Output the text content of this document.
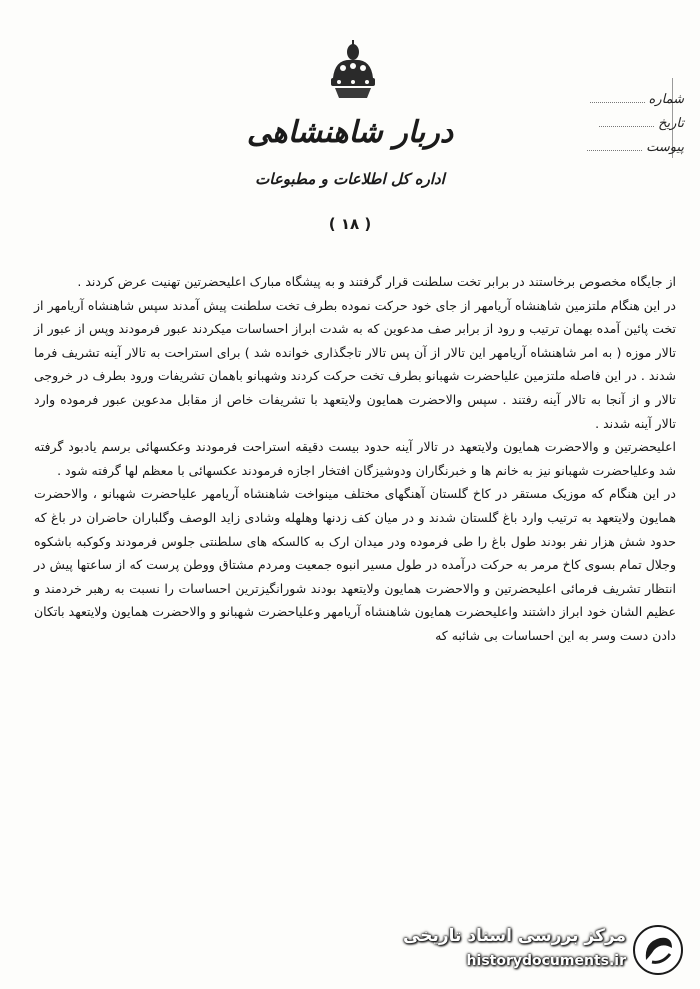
دربار شاهنشاهی
اداره کل اطلاعات و مطبوعات
( ۱۸ )
شماره
تاریخ
پیوست

از جایگاه مخصوص برخاستند در برابر تخت سلطنت قرار گرفتند و به پیشگاه مبارک اعلیحضرتین تهنیت عرض کردند .

در این هنگام ملتزمین شاهنشاه آریامهر از جای خود حرکت نموده بطرف تخت سلطنت پیش آمدند سپس شاهنشاه آریامهر از تخت پائین آمده بهمان ترتیب و رود از برابر صف مدعوین که به شدت ابراز احساسات میکردند عبور فرمودند وپس از عبور از تالار موزه ( به امر شاهنشاه آریامهر این تالار از آن پس تالار تاجگذاری خوانده شد ) برای استراحت به تالار آینه تشریف فرما شدند . در این فاصله ملتزمین علیاحضرت شهبانو بطرف تخت حرکت کردند وشهبانو باهمان تشریفات ورود بطرف در خروجی تالار و از آنجا به تالار آینه رفتند . سپس والاحضرت همایون ولایتعهد با تشریفات خاص از مقابل مدعوین عبور فرموده وارد تالار آینه شدند .

اعلیحضرتین و والاحضرت همایون ولایتعهد در تالار آینه حدود بیست دقیقه استراحت فرمودند وعکسهائی برسم یادبود گرفته شد وعلیاحضرت شهبانو نیز به خانم ها و خبرنگاران ودوشیزگان افتخار اجازه فرمودند عکسهائی با معظم لها گرفته شود .

در این هنگام که موزیک مستقر در کاخ گلستان آهنگهای مختلف مینواخت شاهنشاه آریامهر علیاحضرت شهبانو ، والاحضرت همایون ولایتعهد به ترتیب وارد باغ گلستان شدند و در میان کف زدنها وهلهله وشادی زاید الوصف وگلباران حاضران در باغ که حدود شش هزار نفر بودند طول باغ را طی فرموده ودر میدان ارک به کالسکه های سلطنتی جلوس فرمودند وکوکبه باشکوه وجلال تمام بسوی کاخ مرمر به حرکت درآمده در طول مسیر انبوه جمعیت ومردم مشتاق ووطن پرست که از ساعتها پیش در انتظار تشریف فرمائی اعلیحضرتین و والاحضرت همایون ولایتعهد بودند شورانگیزترین احساسات را نسبت به رهبر خردمند و عظیم الشان خود ابراز داشتند واعلیحضرت همایون شاهنشاه آریامهر وعلیاحضرت شهبانو و والاحضرت همایون ولایتعهد باتکان دادن دست وسر به این احساسات بی شائبه که

مرکز بررسی اسناد تاریخی
historydocuments.ir
